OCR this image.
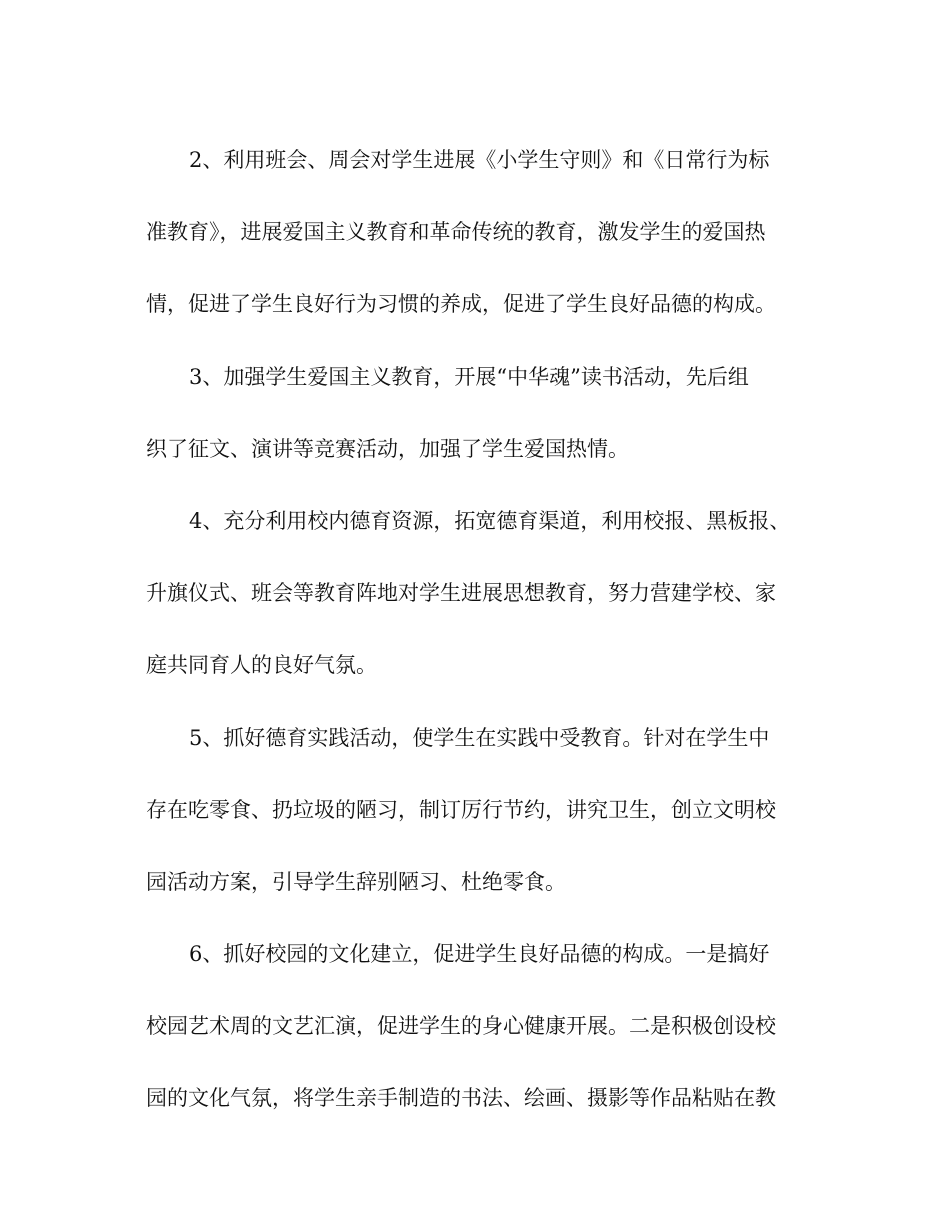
2、利用班会、周会对学生进展《小学生守则》和《日常行为标
准教育》，进展爱国主义教育和革命传统的教育，激发学生的爱国热
情，促进了学生良好行为习惯的养成，促进了学生良好品德的构成。
3、加强学生爱国主义教育，开展“中华魂”读书活动，先后组
织了征文、演讲等竞赛活动，加强了学生爱国热情。
4、充分利用校内德育资源，拓宽德育渠道，利用校报、黑板报、
升旗仪式、班会等教育阵地对学生进展思想教育，努力营建学校、家
庭共同育人的良好气氛。
5、抓好德育实践活动，使学生在实践中受教育。针对在学生中
存在吃零食、扔垃圾的陋习，制订厉行节约，讲究卫生，创立文明校
园活动方案，引导学生辞别陋习、杜绝零食。
6、抓好校园的文化建立，促进学生良好品德的构成。一是搞好
校园艺术周的文艺汇演，促进学生的身心健康开展。二是积极创设校
园的文化气氛，将学生亲手制造的书法、绘画、摄影等作品粘贴在教
